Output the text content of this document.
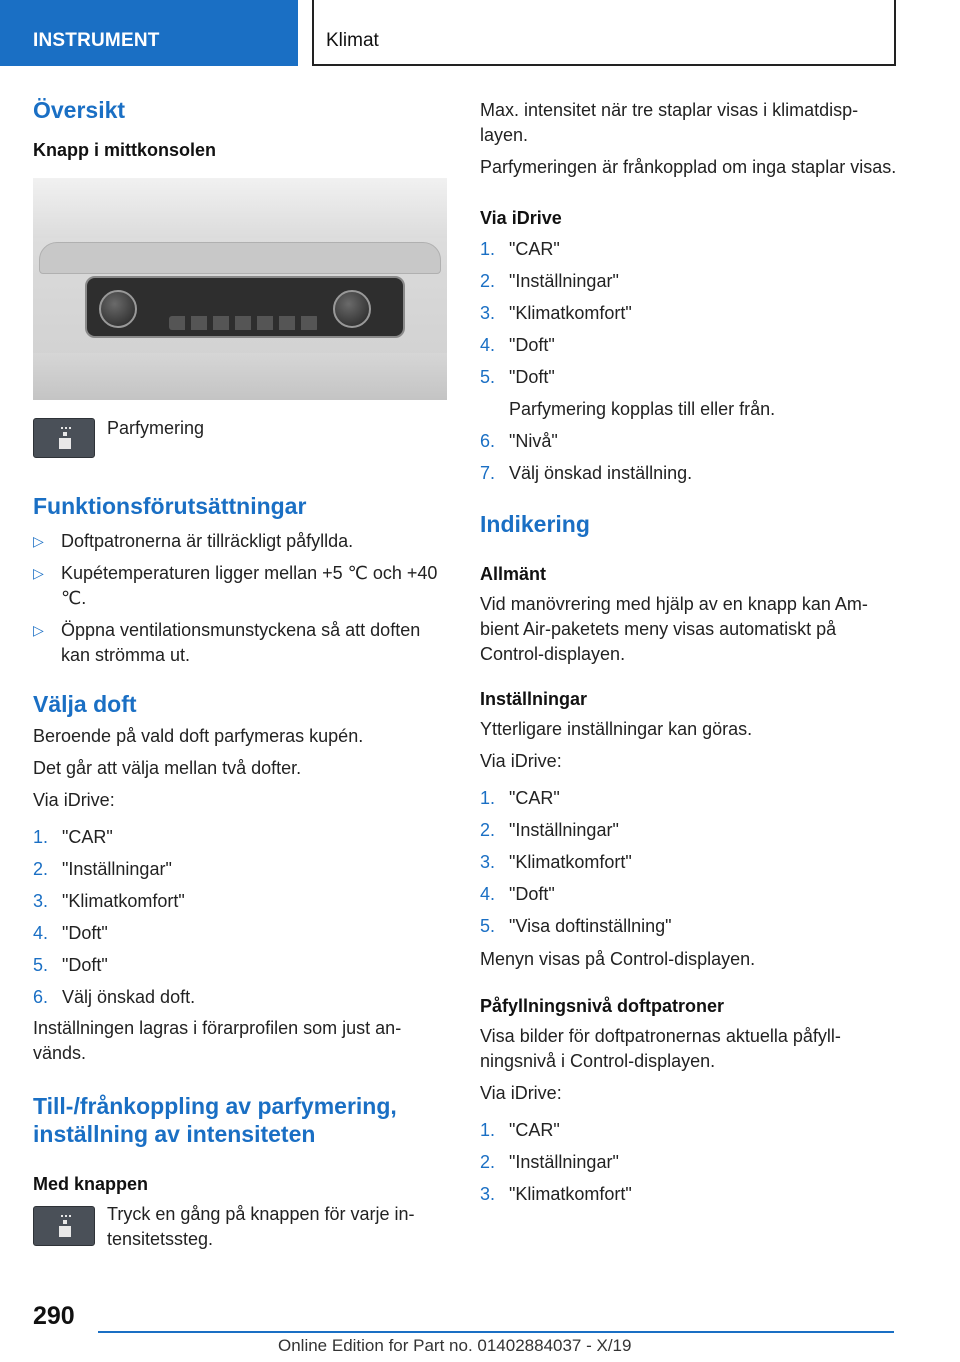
INSTRUMENT	Klimat
Översikt
Knapp i mittkonsolen
Parfymering
Funktionsförutsättningar
▷ Doftpatronerna är tillräckligt påfyllda.
▷ Kupétemperaturen ligger mellan +5 ℃ och +40 ℃.
▷ Öppna ventilationsmunstyckena så att doften kan strömma ut.
Välja doft
Beroende på vald doft parfymeras kupén.
Det går att välja mellan två dofter.
Via iDrive:
1. "CAR"
2. "Inställningar"
3. "Klimatkomfort"
4. "Doft"
5. "Doft"
6. Välj önskad doft.
Inställningen lagras i förarprofilen som just används.
Till-/frånkoppling av parfymering, inställning av intensiteten
Med knappen
Tryck en gång på knappen för varje intensitetssteg.
Max. intensitet när tre staplar visas i klimatdisplayen.
Parfymeringen är frånkopplad om inga staplar visas.
Via iDrive
1. "CAR"
2. "Inställningar"
3. "Klimatkomfort"
4. "Doft"
5. "Doft"
Parfymering kopplas till eller från.
6. "Nivå"
7. Välj önskad inställning.
Indikering
Allmänt
Vid manövrering med hjälp av en knapp kan Ambient Air-paketets meny visas automatiskt på Control-displayen.
Inställningar
Ytterligare inställningar kan göras.
Via iDrive:
1. "CAR"
2. "Inställningar"
3. "Klimatkomfort"
4. "Doft"
5. "Visa doftinställning"
Menyn visas på Control-displayen.
Påfyllningsnivå doftpatroner
Visa bilder för doftpatronernas aktuella påfyllningsnivå i Control-displayen.
Via iDrive:
1. "CAR"
2. "Inställningar"
3. "Klimatkomfort"
290
Online Edition for Part no. 01402884037 - X/19
